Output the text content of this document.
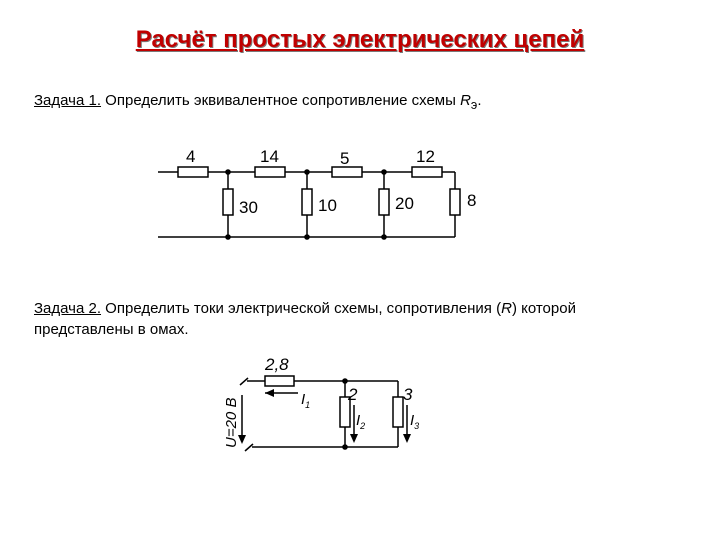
Расчёт простых электрических цепей
Задача 1. Определить эквивалентное сопротивление схемы $R_э$.
Задача 2. Определить токи электрической схемы, сопротивления (R) которой
представлены в омах.
4	14	5	12
30	10	20	8
U=20 В
2,8
2	3
$I_1$
$I_2$	$I_3$
